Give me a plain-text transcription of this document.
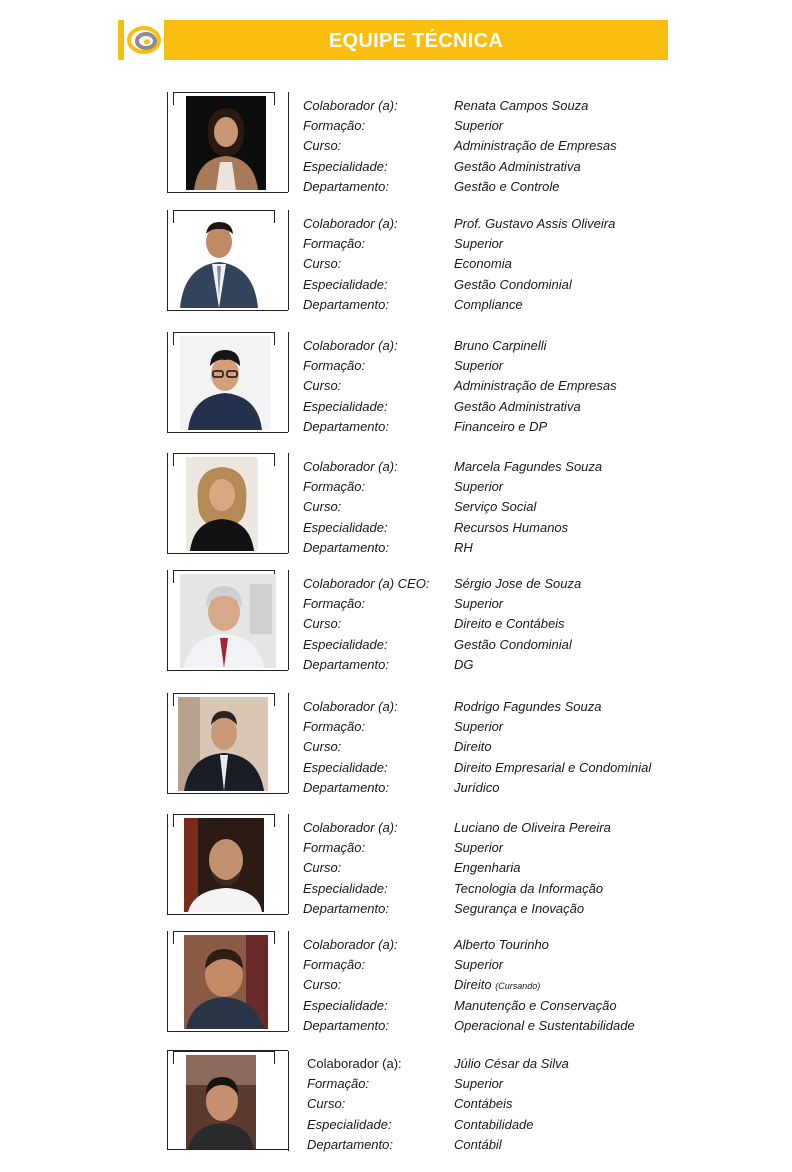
EQUIPE TÉCNICA
Colaborador (a):
Formação:
Curso:
Especialidade:
Departamento:
Renata Campos Souza
Superior
Administração de Empresas
Gestão Administrativa
Gestão e Controle
Colaborador (a):
Formação:
Curso:
Especialidade:
Departamento:
Prof. Gustavo Assis Oliveira
Superior
Economia
Gestão Condominial
Compliance
Colaborador (a):
Formação:
Curso:
Especialidade:
Departamento:
Bruno Carpinelli
Superior
Administração de Empresas
Gestão Administrativa
Financeiro e DP
Colaborador (a):
Formação:
Curso:
Especialidade:
Departamento:
Marcela Fagundes Souza
Superior
Serviço Social
Recursos Humanos
RH
Colaborador (a) CEO:
Formação:
Curso:
Especialidade:
Departamento:
Sérgio Jose de Souza
Superior
Direito e Contábeis
Gestão Condominial
DG
Colaborador (a):
Formação:
Curso:
Especialidade:
Departamento:
Rodrigo Fagundes Souza
Superior
Direito
Direito Empresarial e Condominial
Jurídico
Colaborador (a):
Formação:
Curso:
Especialidade:
Departamento:
Luciano de Oliveira Pereira
Superior
Engenharia
Tecnologia da Informação
Segurança e Inovação
Colaborador (a):
Formação:
Curso:
Especialidade:
Departamento:
Alberto Tourinho
Superior
Direito (Cursando)
Manutenção e Conservação
Operacional e Sustentabilidade
Colaborador (a):
Formação:
Curso:
Especialidade:
Departamento:
Júlio César da Silva
Superior
Contábeis
Contabilidade
Contábil
